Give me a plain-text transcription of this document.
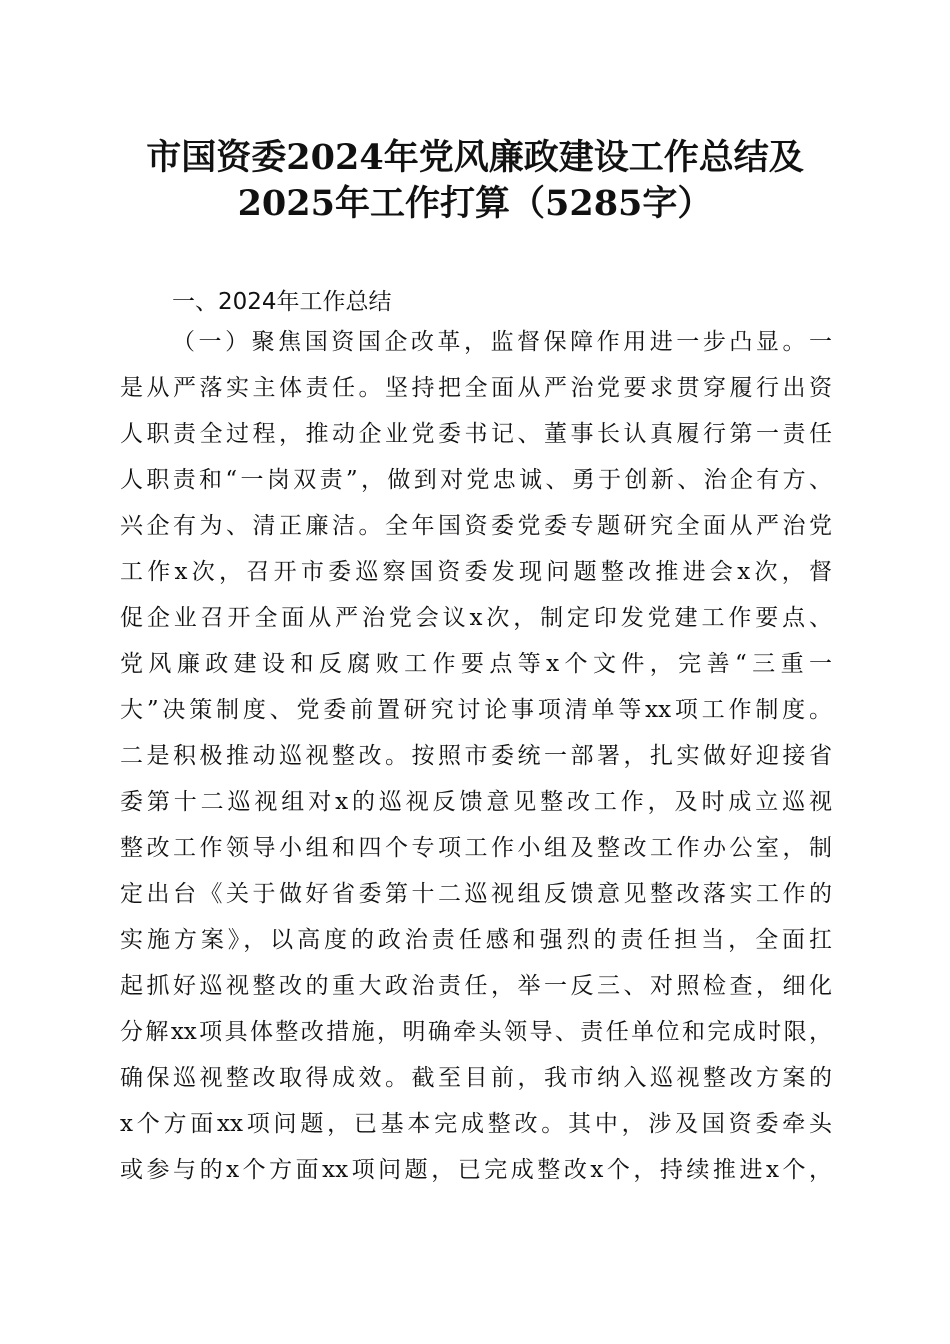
市国资委2024年党风廉政建设工作总结及
2025年工作打算（5285字）
一、2024年工作总结
（一）聚焦国资国企改革，监督保障作用进一步凸显。一
是从严落实主体责任。坚持把全面从严治党要求贯穿履行出资
人职责全过程，推动企业党委书记、董事长认真履行第一责任
人职责和“一岗双责”，做到对党忠诚、勇于创新、治企有方、
兴企有为、清正廉洁。全年国资委党委专题研究全面从严治党
工作x次，召开市委巡察国资委发现问题整改推进会x次，督
促企业召开全面从严治党会议x次，制定印发党建工作要点、
党风廉政建设和反腐败工作要点等x个文件，完善“三重一
大”决策制度、党委前置研究讨论事项清单等xx项工作制度。
二是积极推动巡视整改。按照市委统一部署，扎实做好迎接省
委第十二巡视组对x的巡视反馈意见整改工作，及时成立巡视
整改工作领导小组和四个专项工作小组及整改工作办公室，制
定出台《关于做好省委第十二巡视组反馈意见整改落实工作的
实施方案》，以高度的政治责任感和强烈的责任担当，全面扛
起抓好巡视整改的重大政治责任，举一反三、对照检查，细化
分解xx项具体整改措施，明确牵头领导、责任单位和完成时限，
确保巡视整改取得成效。截至目前，我市纳入巡视整改方案的
x个方面xx项问题，已基本完成整改。其中，涉及国资委牵头
或参与的x个方面xx项问题，已完成整改x个，持续推进x个，
